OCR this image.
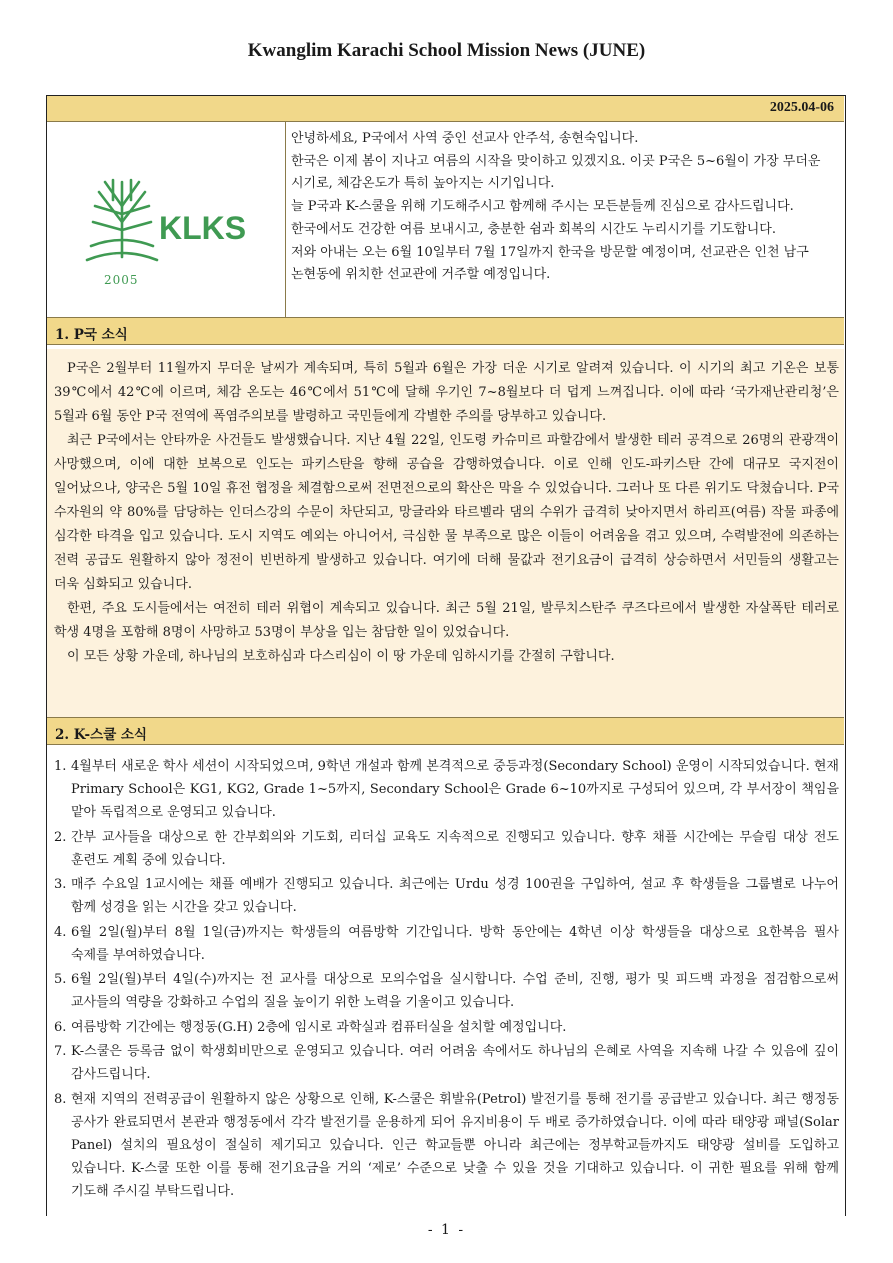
Kwanglim Karachi School Mission News (JUNE)
2025.04-06
KLKS
2005

안녕하세요, P국에서 사역 중인 선교사 안주석, 송현숙입니다.

한국은 이제 봄이 지나고 여름의 시작을 맞이하고 있겠지요. 이곳 P국은 5~6월이 가장 무더운 시기로, 체감온도가 특히 높아지는 시기입니다.

늘 P국과 K-스쿨을 위해 기도해주시고 함께해 주시는 모든분들께 진심으로 감사드립니다. 한국에서도 건강한 여름 보내시고, 충분한 쉼과 회복의 시간도 누리시기를 기도합니다.

저와 아내는 오는 6월 10일부터 7월 17일까지 한국을 방문할 예정이며, 선교관은 인천 남구 논현동에 위치한 선교관에 거주할 예정입니다.

1. P국 소식

P국은 2월부터 11월까지 무더운 날씨가 계속되며, 특히 5월과 6월은 가장 더운 시기로 알려져 있습니다. 이 시기의 최고 기온은 보통 39℃에서 42℃에 이르며, 체감 온도는 46℃에서 51℃에 달해 우기인 7~8월보다 더 덥게 느껴집니다. 이에 따라 ‘국가재난관리청’은 5월과 6월 동안 P국 전역에 폭염주의보를 발령하고 국민들에게 각별한 주의를 당부하고 있습니다.

최근 P국에서는 안타까운 사건들도 발생했습니다. 지난 4월 22일, 인도령 카슈미르 파할감에서 발생한 테러 공격으로 26명의 관광객이 사망했으며, 이에 대한 보복으로 인도는 파키스탄을 향해 공습을 감행하였습니다. 이로 인해 인도-파키스탄 간에 대규모 국지전이 일어났으나, 양국은 5월 10일 휴전 협정을 체결함으로써 전면전으로의 확산은 막을 수 있었습니다. 그러나 또 다른 위기도 닥쳤습니다. P국 수자원의 약 80%를 담당하는 인더스강의 수문이 차단되고, 망글라와 타르벨라 댐의 수위가 급격히 낮아지면서 하리프(여름) 작물 파종에 심각한 타격을 입고 있습니다. 도시 지역도 예외는 아니어서, 극심한 물 부족으로 많은 이들이 어려움을 겪고 있으며, 수력발전에 의존하는 전력 공급도 원활하지 않아 정전이 빈번하게 발생하고 있습니다. 여기에 더해 물값과 전기요금이 급격히 상승하면서 서민들의 생활고는 더욱 심화되고 있습니다.

한편, 주요 도시들에서는 여전히 테러 위협이 계속되고 있습니다. 최근 5월 21일, 발루치스탄주 쿠즈다르에서 발생한 자살폭탄 테러로 학생 4명을 포함해 8명이 사망하고 53명이 부상을 입는 참담한 일이 있었습니다.

이 모든 상황 가운데, 하나님의 보호하심과 다스리심이 이 땅 가운데 임하시기를 간절히 구합니다.

2. K-스쿨 소식
1. 4월부터 새로운 학사 세션이 시작되었으며, 9학년 개설과 함께 본격적으로 중등과정(Secondary School) 운영이 시작되었습니다. 현재 Primary School은 KG1, KG2, Grade 1~5까지, Secondary School은 Grade 6~10까지로 구성되어 있으며, 각 부서장이 책임을 맡아 독립적으로 운영되고 있습니다.
2. 간부 교사들을 대상으로 한 간부회의와 기도회, 리더십 교육도 지속적으로 진행되고 있습니다. 향후 채플 시간에는 무슬림 대상 전도 훈련도 계획 중에 있습니다.
3. 매주 수요일 1교시에는 채플 예배가 진행되고 있습니다. 최근에는 Urdu 성경 100권을 구입하여, 설교 후 학생들을 그룹별로 나누어 함께 성경을 읽는 시간을 갖고 있습니다.
4. 6월 2일(월)부터 8월 1일(금)까지는 학생들의 여름방학 기간입니다. 방학 동안에는 4학년 이상 학생들을 대상으로 요한복음 필사 숙제를 부여하였습니다.
5. 6월 2일(월)부터 4일(수)까지는 전 교사를 대상으로 모의수업을 실시합니다. 수업 준비, 진행, 평가 및 피드백 과정을 점검함으로써 교사들의 역량을 강화하고 수업의 질을 높이기 위한 노력을 기울이고 있습니다.
6. 여름방학 기간에는 행정동(G.H) 2층에 임시로 과학실과 컴퓨터실을 설치할 예정입니다.
7. K-스쿨은 등록금 없이 학생회비만으로 운영되고 있습니다. 여러 어려움 속에서도 하나님의 은혜로 사역을 지속해 나갈 수 있음에 깊이 감사드립니다.
8. 현재 지역의 전력공급이 원활하지 않은 상황으로 인해, K-스쿨은 휘발유(Petrol) 발전기를 통해 전기를 공급받고 있습니다. 최근 행정동 공사가 완료되면서 본관과 행정동에서 각각 발전기를 운용하게 되어 유지비용이 두 배로 증가하였습니다. 이에 따라 태양광 패널(Solar Panel) 설치의 필요성이 절실히 제기되고 있습니다. 인근 학교들뿐 아니라 최근에는 정부학교들까지도 태양광 설비를 도입하고 있습니다. K-스쿨 또한 이를 통해 전기요금을 거의 ‘제로’ 수준으로 낮출 수 있을 것을 기대하고 있습니다. 이 귀한 필요를 위해 함께 기도해 주시길 부탁드립니다.
- 1 -
